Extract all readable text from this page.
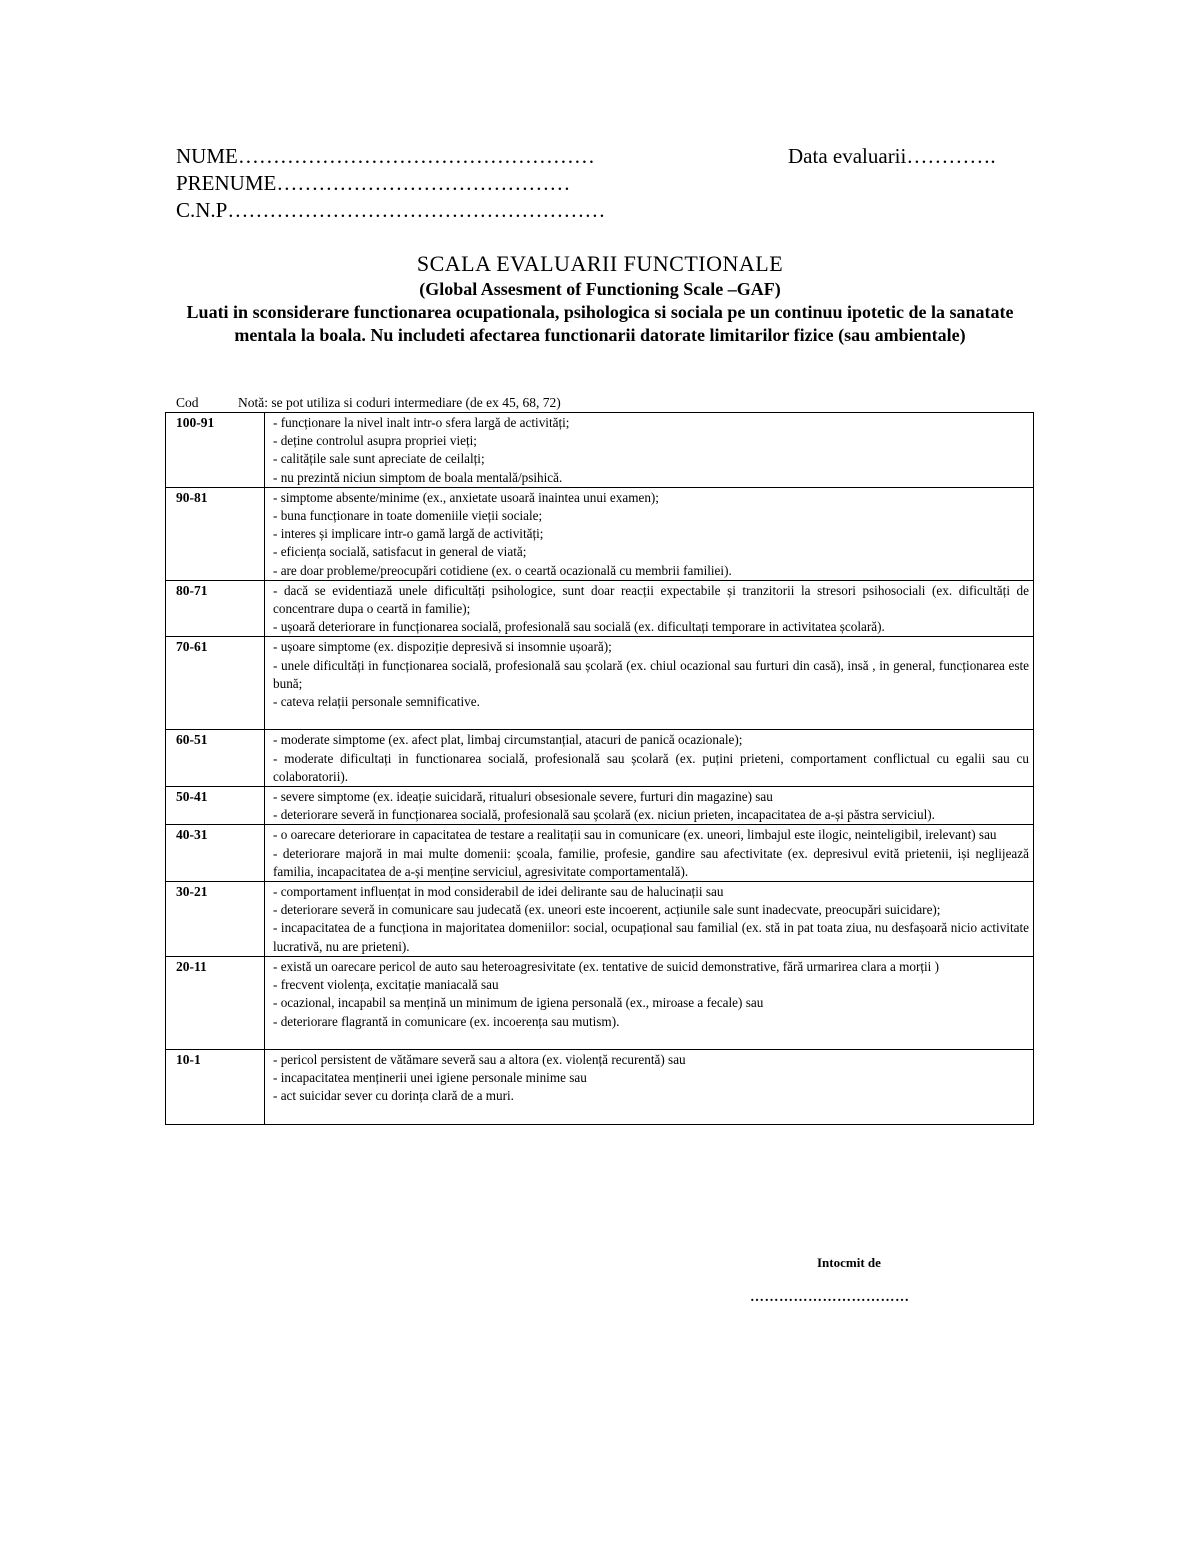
NUME……………………………………………	Data evaluarii………….
PRENUME……………………………………
C.N.P………………………………………………
SCALA EVALUARII FUNCTIONALE
(Global Assesment of Functioning Scale –GAF)
Luati in sconsiderare functionarea ocupationala, psihologica si sociala pe un continuu ipotetic de la sanatate mentala la boala. Nu includeti afectarea functionarii datorate limitarilor fizice (sau ambientale)
Cod	Notă: se pot utiliza si coduri intermediare (de ex 45, 68, 72)
100-91	- funcționare la nivel inalt intr-o sfera largă de activități;
- deține controlul asupra propriei vieți;
- calitățile sale sunt apreciate de ceilalți;
- nu prezintă niciun simptom de boala mentală/psihică.

90-81	- simptome absente/minime (ex., anxietate usoară inaintea unui examen);
- buna funcționare in toate domeniile vieții sociale;
- interes și implicare intr-o gamă largă de activități;
- eficiența socială, satisfacut in general de viată;
- are doar probleme/preocupări cotidiene (ex. o ceartă ocazională cu membrii familiei).

80-71	- dacă se evidentiază unele dificultăți psihologice, sunt doar reacții expectabile și tranzitorii la stresori psihosociali (ex. dificultăți de concentrare dupa o ceartă in familie);
- ușoară deteriorare in funcționarea socială, profesională sau socială (ex. dificultați temporare in activitatea școlară).

70-61	- ușoare simptome (ex. dispoziție depresivă si insomnie ușoară);
- unele dificultăți in funcționarea socială, profesională sau școlară (ex. chiul ocazional sau furturi din casă), insă , in general, funcționarea este bună;
- cateva relații personale semnificative.

60-51	- moderate simptome (ex. afect plat, limbaj circumstanțial, atacuri de panică ocazionale);
- moderate dificultați in functionarea socială, profesională sau școlară (ex. puțini prieteni, comportament conflictual cu egalii sau cu colaboratorii).

50-41	- severe simptome (ex. ideație suicidară, ritualuri obsesionale severe, furturi din magazine) sau
- deteriorare severă in funcționarea socială, profesională sau școlară (ex. niciun prieten, incapacitatea de a-și păstra serviciul).

40-31	- o oarecare deteriorare in capacitatea de testare a realitații sau in comunicare (ex. uneori, limbajul este ilogic, neinteligibil, irelevant) sau
- deteriorare majoră in mai multe domenii: școala, familie, profesie, gandire sau afectivitate (ex. depresivul evită prietenii, iși neglijează familia, incapacitatea de a-și menține serviciul, agresivitate comportamentală).

30-21	- comportament influențat in mod considerabil de idei delirante sau de halucinații sau
- deteriorare severă in comunicare sau judecată (ex. uneori este incoerent, acțiunile sale sunt inadecvate, preocupări suicidare);
- incapacitatea de a funcționa in majoritatea domeniilor: social, ocupațional sau familial (ex. stă in pat toata ziua, nu desfașoară nicio activitate lucrativă, nu are prieteni).

20-11	- există un oarecare pericol de auto sau heteroagresivitate (ex. tentative de suicid demonstrative, fără urmarirea clara a morții )
- frecvent violența, excitație maniacală sau
- ocazional, incapabil sa mențină un minimum de igiena personală (ex., miroase a fecale) sau
- deteriorare flagrantă in comunicare (ex. incoerența sau mutism).

10-1	- pericol persistent de vătămare severă sau a altora (ex. violență recurentă) sau
- incapacitatea menținerii unei igiene personale minime sau
- act suicidar sever cu dorința clară de a muri.

Intocmit de
……………………………
